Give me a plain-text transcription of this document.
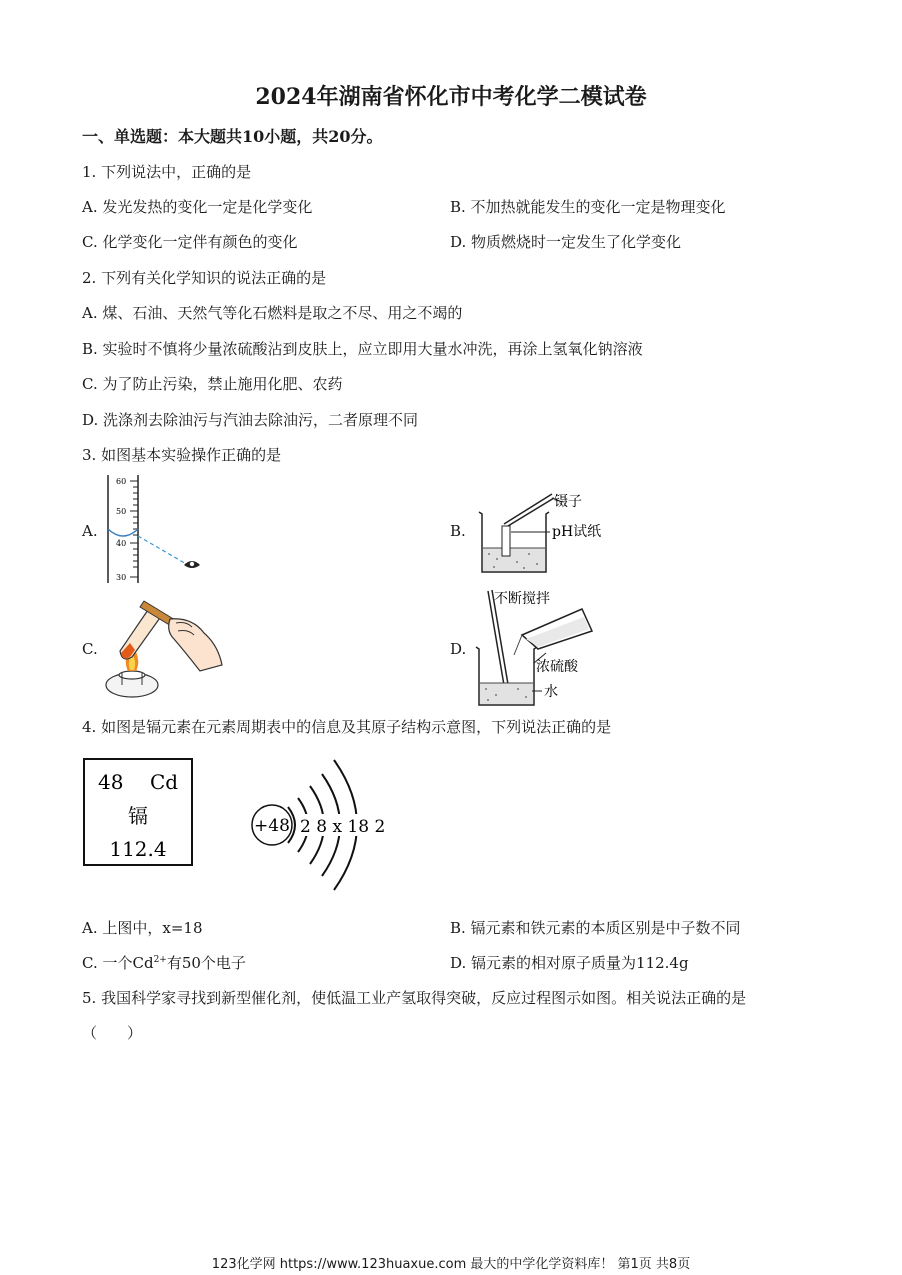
2024年湖南省怀化市中考化学二模试卷
一、单选题：本大题共10小题，共20分。
1. 下列说法中，正确的是
A. 发光发热的变化一定是化学变化	B. 不加热就能发生的变化一定是物理变化
C. 化学变化一定伴有颜色的变化	D. 物质燃烧时一定发生了化学变化
2. 下列有关化学知识的说法正确的是
A. 煤、石油、天然气等化石燃料是取之不尽、用之不竭的
B. 实验时不慎将少量浓硫酸沾到皮肤上，应立即用大量水冲洗，再涂上氢氧化钠溶液
C. 为了防止污染，禁止施用化肥、农药
D. 洗涤剂去除油污与汽油去除油污，二者原理不同
3. 如图基本实验操作正确的是
A.	B.
C.	D.
60
50
40
30
镊子
pH试纸
不断搅拌
浓硫酸
水
4. 如图是镉元素在元素周期表中的信息及其原子结构示意图，下列说法正确的是
48 Cd
镉
112.4
+48 2 8 x 18 2
A. 上图中，x=18	B. 镉元素和铁元素的本质区别是中子数不同
C. 一个$Cd^{2+}$有50个电子	D. 镉元素的相对原子质量为112.4g
5. 我国科学家寻找到新型催化剂，使低温工业产氢取得突破，反应过程图示如图。相关说法正确的是
（　　）
123化学网 https://www.123huaxue.com 最大的中学化学资料库！ 第1页 共8页
